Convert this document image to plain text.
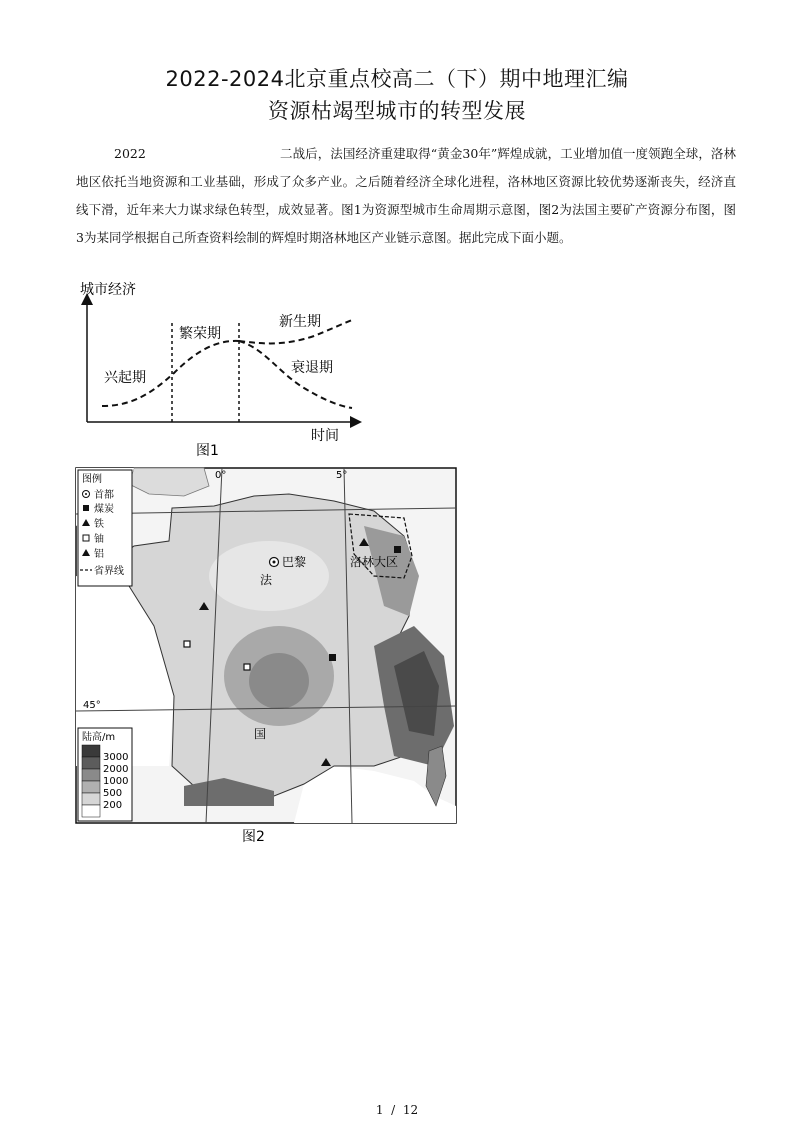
2022-2024北京重点校高二（下）期中地理汇编
资源枯竭型城市的转型发展
2022	二战后，法国经济重建取得“黄金30年”辉煌成就，工业增加值一度领跑全球，洛林地区依托当地资源和工业基础，形成了众多产业。之后随着经济全球化进程，洛林地区资源比较优势逐渐丧失，经济直线下滑，近年来大力谋求绿色转型，成效显著。图1为资源型城市生命周期示意图，图2为法国主要矿产资源分布图，图3为某同学根据自己所查资料绘制的辉煌时期洛林地区产业链示意图。据此完成下面小题。
城市经济
时间
兴起期
繁荣期
新生期
衰退期
图1
0°	5°
45°
巴黎
法
国
洛林大区
图例
首都
煤炭
铁
铀
铝
省界线
陆高/m
3000
2000
1000
500
200
图2
1 / 12
